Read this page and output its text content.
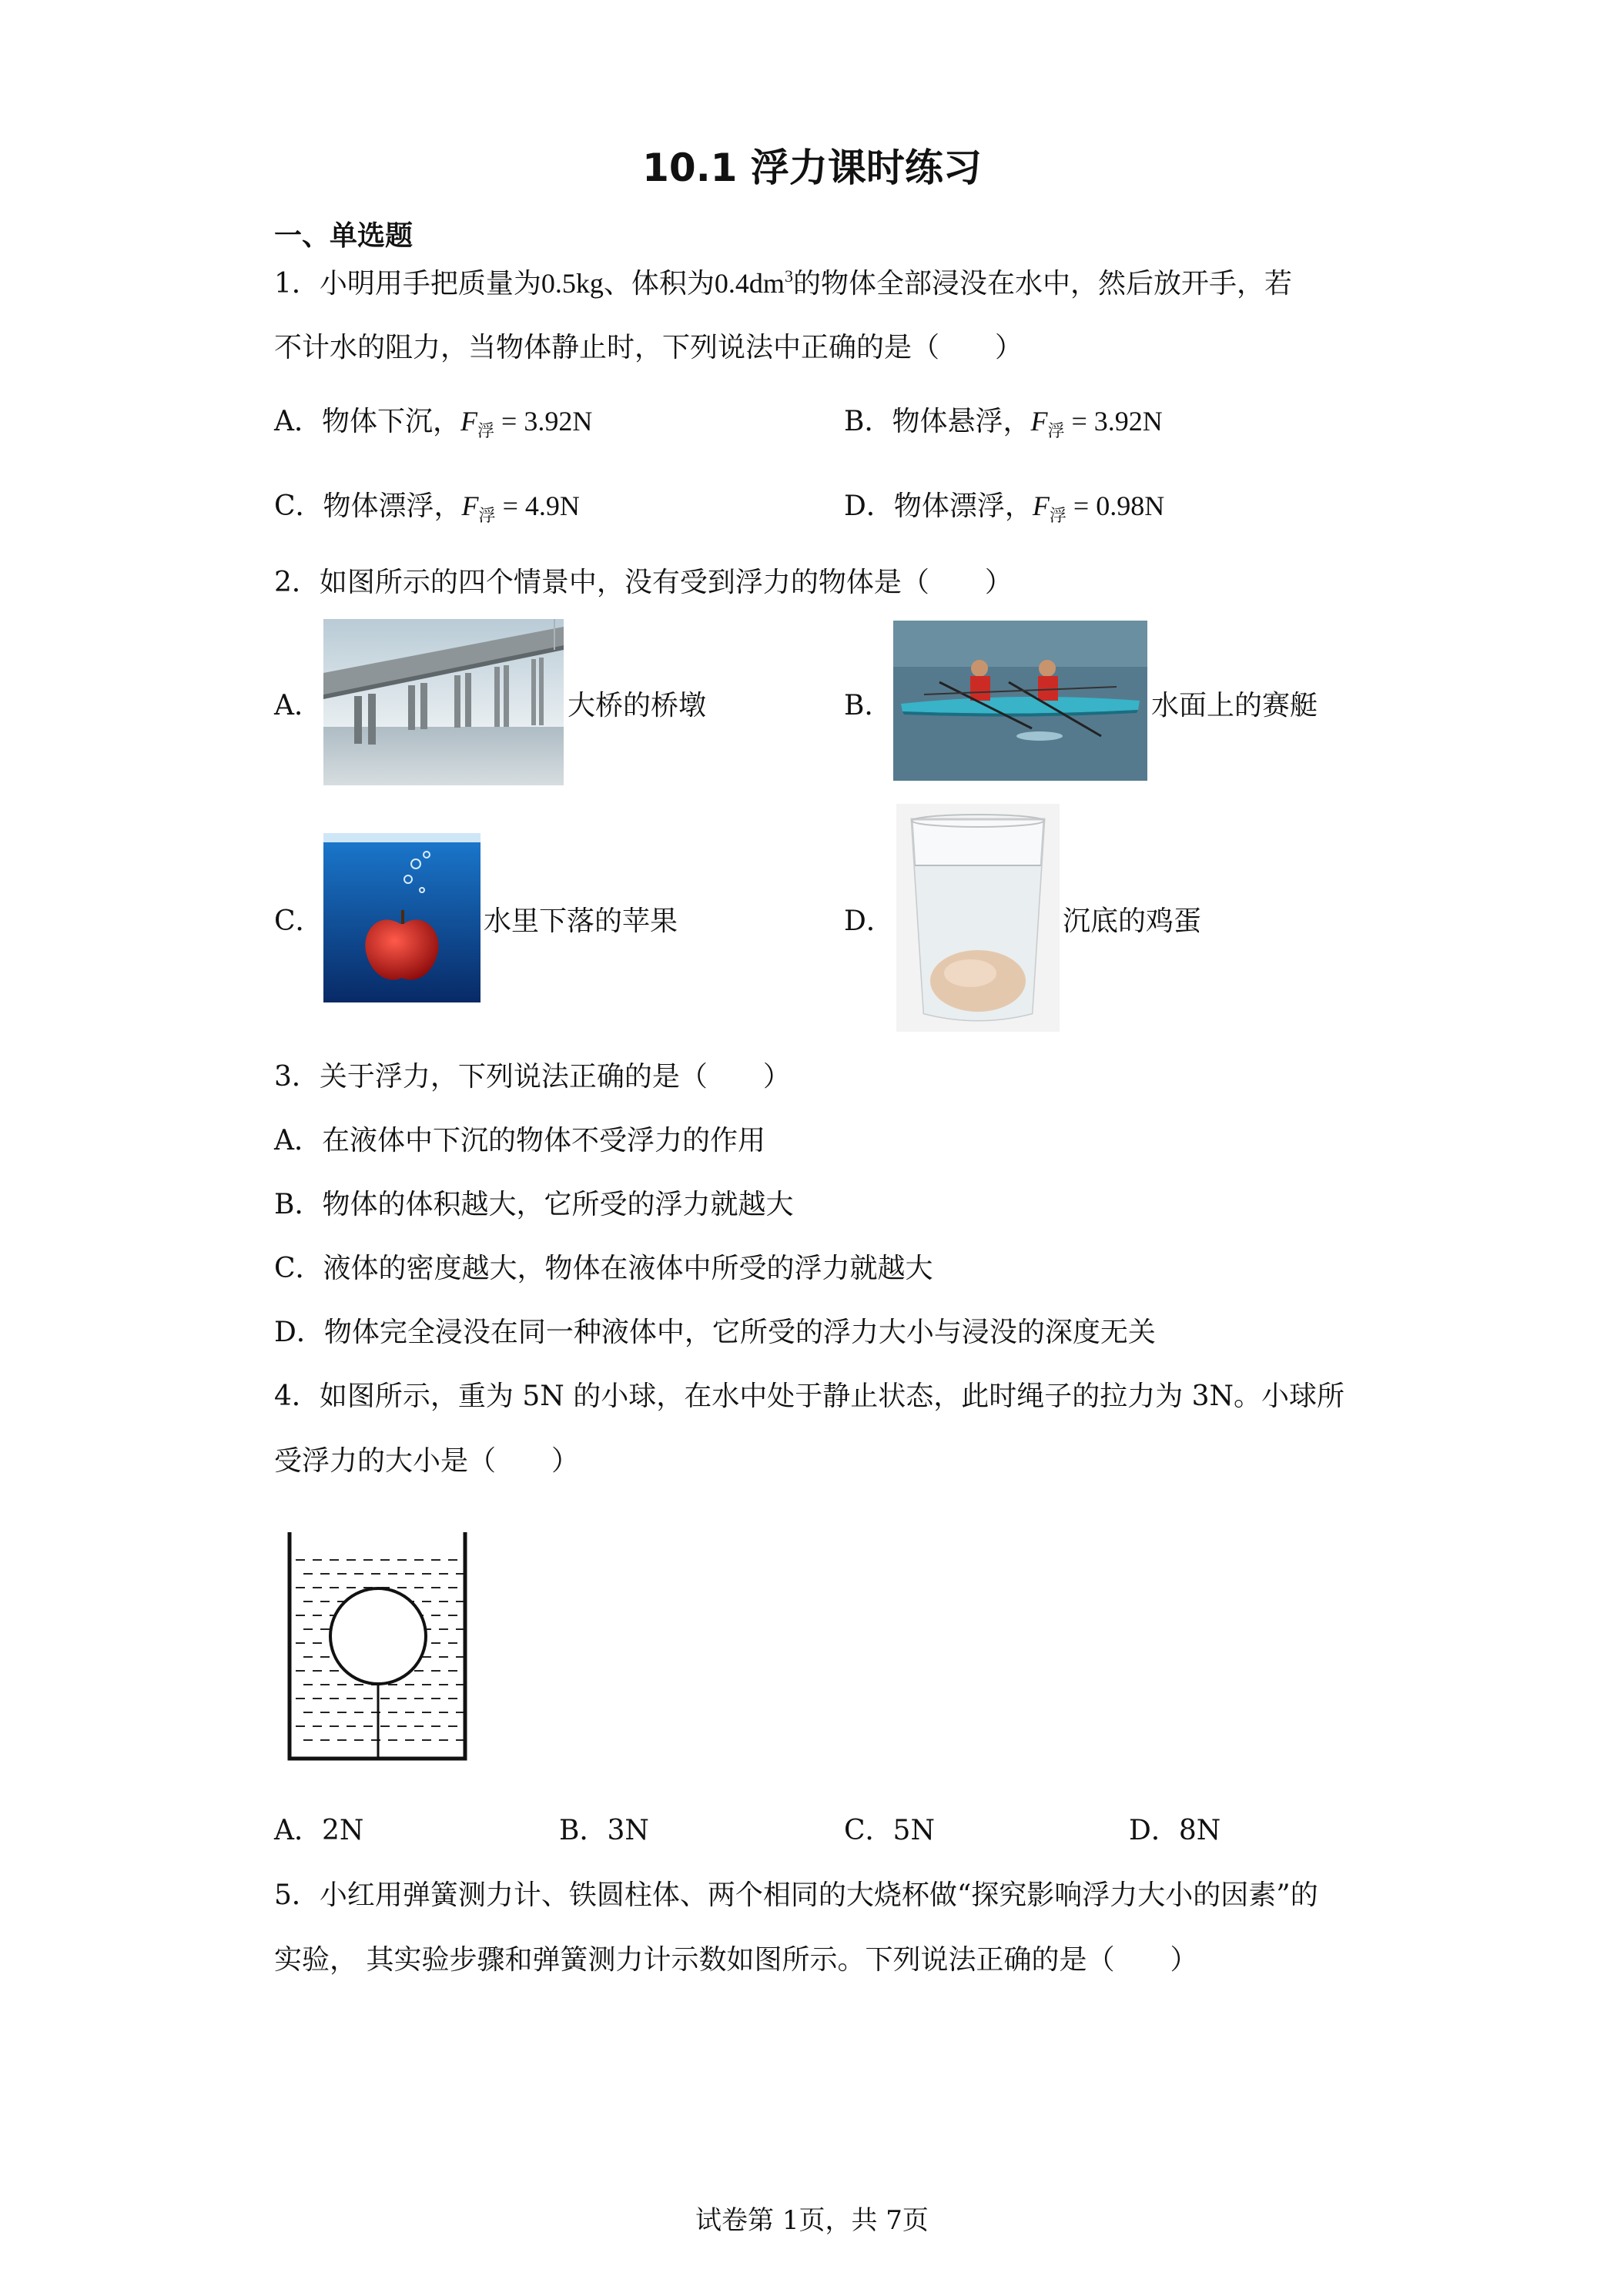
10.1 浮力课时练习
一、单选题
1．小明用手把质量为0.5kg、体积为$0.4dm^3$的物体全部浸没在水中，然后放开手，若
不计水的阻力，当物体静止时，下列说法中正确的是（　　）
A．物体下沉，$F_浮 = 3.92N$	B．物体悬浮，$F_浮 = 3.92N$
C．物体漂浮，$F_浮 = 4.9N$	D．物体漂浮，$F_浮 = 0.98N$
2．如图所示的四个情景中，没有受到浮力的物体是（　　）
A．	大桥的桥墩	B．	水面上的赛艇
C．	水里下落的苹果	D．	沉底的鸡蛋
3．关于浮力，下列说法正确的是（　　）
A．在液体中下沉的物体不受浮力的作用
B．物体的体积越大，它所受的浮力就越大
C．液体的密度越大，物体在液体中所受的浮力就越大
D．物体完全浸没在同一种液体中，它所受的浮力大小与浸没的深度无关
4．如图所示，重为 5N 的小球，在水中处于静止状态，此时绳子的拉力为 3N。小球所
受浮力的大小是（　　）
A．2N	B．3N	C．5N	D．8N
5．小红用弹簧测力计、铁圆柱体、两个相同的大烧杯做“探究影响浮力大小的因素”的
实验， 其实验步骤和弹簧测力计示数如图所示。下列说法正确的是（　　）
试卷第 1页，共 7页
